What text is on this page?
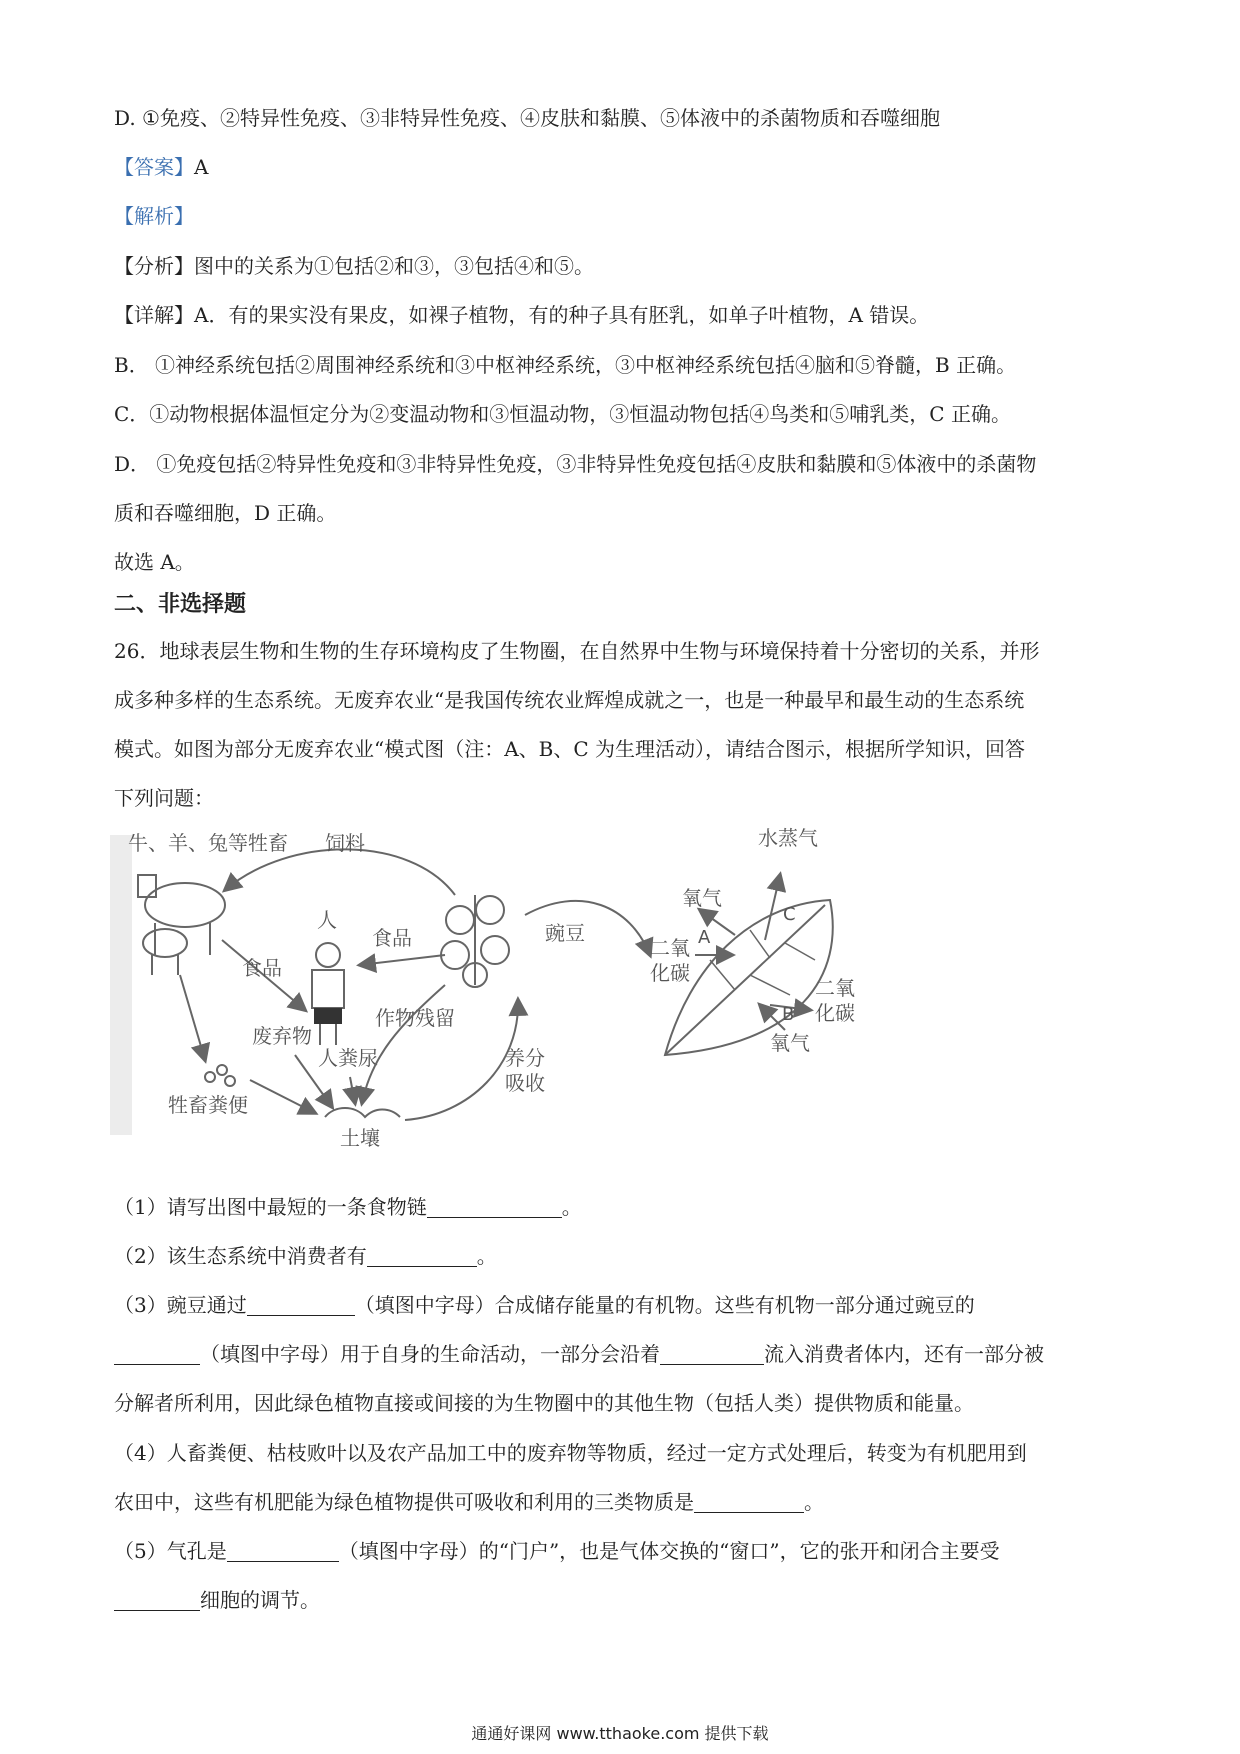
D. ①免疫、②特异性免疫、③非特异性免疫、④皮肤和黏膜、⑤体液中的杀菌物质和吞噬细胞
【答案】A
【解析】
【分析】图中的关系为①包括②和③，③包括④和⑤。
【详解】A．有的果实没有果皮，如裸子植物，有的种子具有胚乳，如单子叶植物，A 错误。
B． ①神经系统包括②周围神经系统和③中枢神经系统，③中枢神经系统包括④脑和⑤脊髓，B 正确。
C．①动物根据体温恒定分为②变温动物和③恒温动物，③恒温动物包括④鸟类和⑤哺乳类，C 正确。
D． ①免疫包括②特异性免疫和③非特异性免疫，③非特异性免疫包括④皮肤和黏膜和⑤体液中的杀菌物
质和吞噬细胞，D 正确。
故选 A。
二、非选择题
26．地球表层生物和生物的生存环境构皮了生物圈，在自然界中生物与环境保持着十分密切的关系，并形
成多种多样的生态系统。无废弃农业“是我国传统农业辉煌成就之一，也是一种最早和最生动的生态系统
模式。如图为部分无废弃农业“模式图（注：A、B、C 为生理活动），请结合图示，根据所学知识，回答
下列问题：
牛、羊、兔等牲畜 饲料
人
食品
食品
豌豆
废弃物
作物残留
人粪尿
牲畜粪便
土壤
养分
吸收
水蒸气
C
氧气
二氧
化碳
A
二氧
化碳
B
氧气
（1）请写出图中最短的一条食物链	。
（2）该生态系统中消费者有	。
（3）豌豆通过	（填图中字母）合成储存能量的有机物。这些有机物一部分通过豌豆的
（填图中字母）用于自身的生命活动，一部分会沿着	流入消费者体内，还有一部分被
分解者所利用，因此绿色植物直接或间接的为生物圈中的其他生物（包括人类）提供物质和能量。
（4）人畜粪便、枯枝败叶以及农产品加工中的废弃物等物质，经过一定方式处理后，转变为有机肥用到
农田中，这些有机肥能为绿色植物提供可吸收和利用的三类物质是	。
（5）气孔是	（填图中字母）的“门户”，也是气体交换的“窗口”，它的张开和闭合主要受
细胞的调节。
通通好课网 www.tthaoke.com 提供下载
